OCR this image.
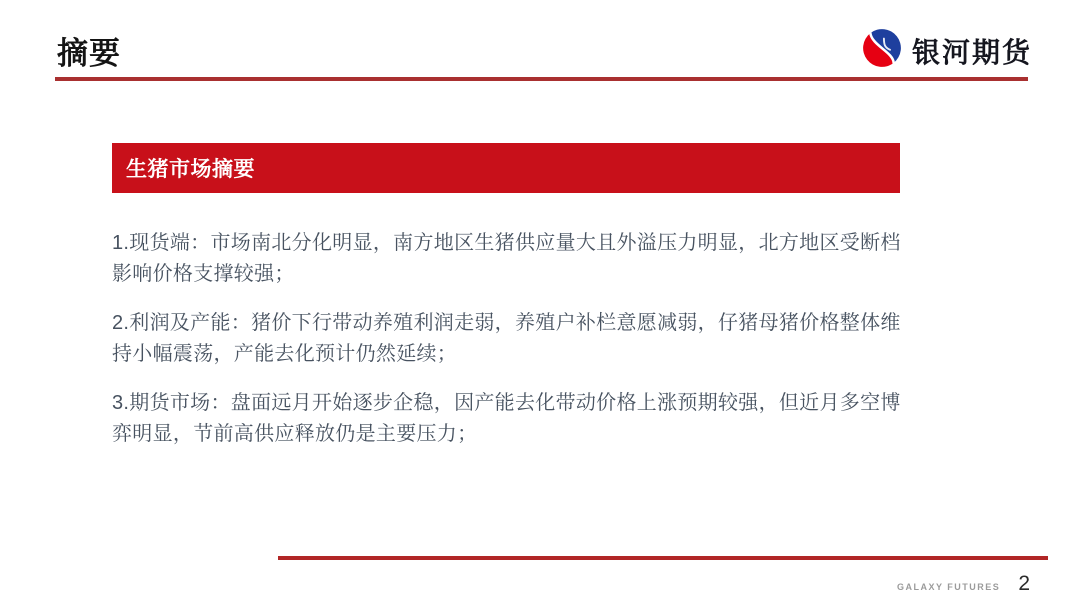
摘要	银河期货
生猪市场摘要

1.现货端：市场南北分化明显，南方地区生猪供应量大且外溢压力明显，北方地区受断档影响价格支撑较强；

2.利润及产能：猪价下行带动养殖利润走弱，养殖户补栏意愿减弱，仔猪母猪价格整体维持小幅震荡，产能去化预计仍然延续；

3.期货市场：盘面远月开始逐步企稳，因产能去化带动价格上涨预期较强，但近月多空博弈明显，节前高供应释放仍是主要压力；

GALAXY FUTURES 2
